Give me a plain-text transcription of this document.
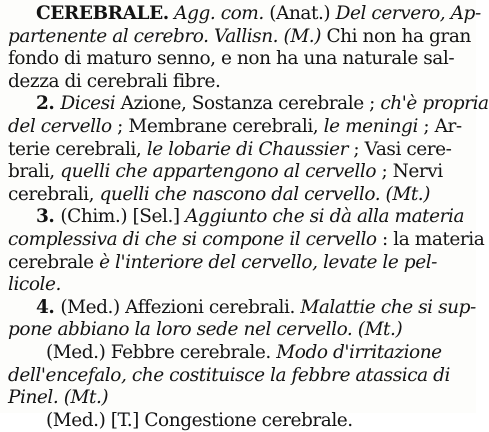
CEREBRALE. Agg. com. (Anat.) Del cervero, Ap-
partenente al cerebro. Vallisn. (M.) Chi non ha gran
fondo di maturo senno, e non ha una naturale sal-
dezza di cerebrali fibre.
2. Dicesi Azione, Sostanza cerebrale ; ch'è propria
del cervello ; Membrane cerebrali, le meningi ; Ar-
terie cerebrali, le lobarie di Chaussier ; Vasi cere-
brali, quelli che appartengono al cervello ; Nervi
cerebrali, quelli che nascono dal cervello. (Mt.)
3. (Chim.) [Sel.] Aggiunto che si dà alla materia
complessiva di che si compone il cervello : la materia
cerebrale è l'interiore del cervello, levate le pel-
licole.
4. (Med.) Affezioni cerebrali. Malattie che si sup-
pone abbiano la loro sede nel cervello. (Mt.)
(Med.) Febbre cerebrale. Modo d'irritazione
dell'encefalo, che costituisce la febbre atassica di
Pinel. (Mt.)
(Med.) [T.] Congestione cerebrale.
